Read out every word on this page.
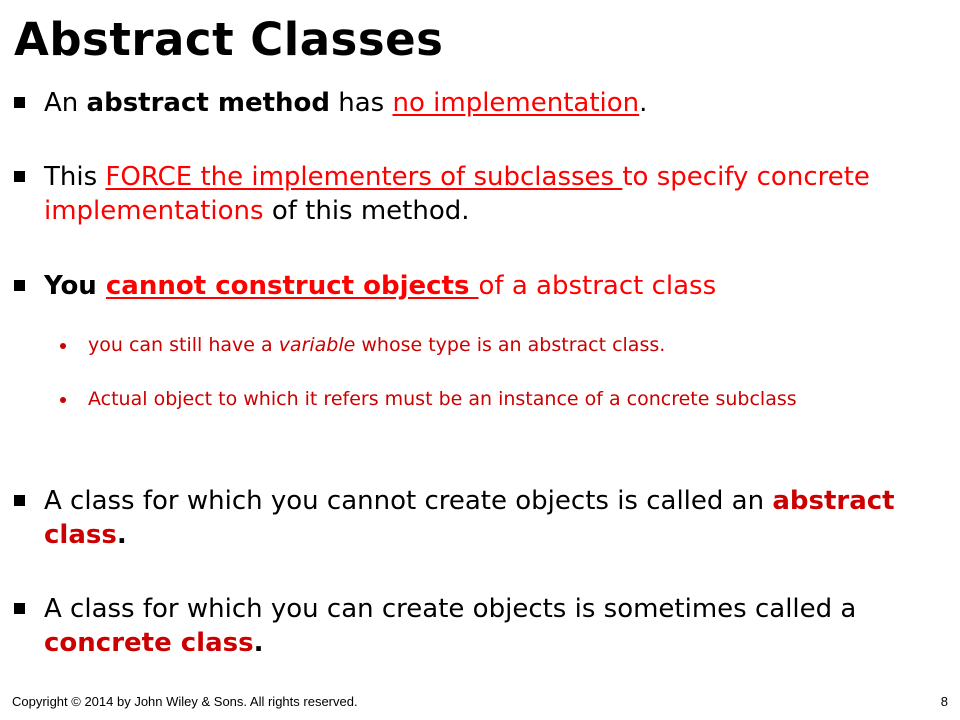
Abstract Classes
An abstract method has no implementation.
This FORCE the implementers of subclasses to specify concrete implementations of this method.
You cannot construct objects of a abstract class
you can still have a variable whose type is an abstract class.
Actual object to which it refers must be an instance of a concrete subclass
A class for which you cannot create objects is called an abstract class.
A class for which you can create objects is sometimes called a concrete class.
Copyright © 2014 by John Wiley & Sons. All rights reserved.	8
